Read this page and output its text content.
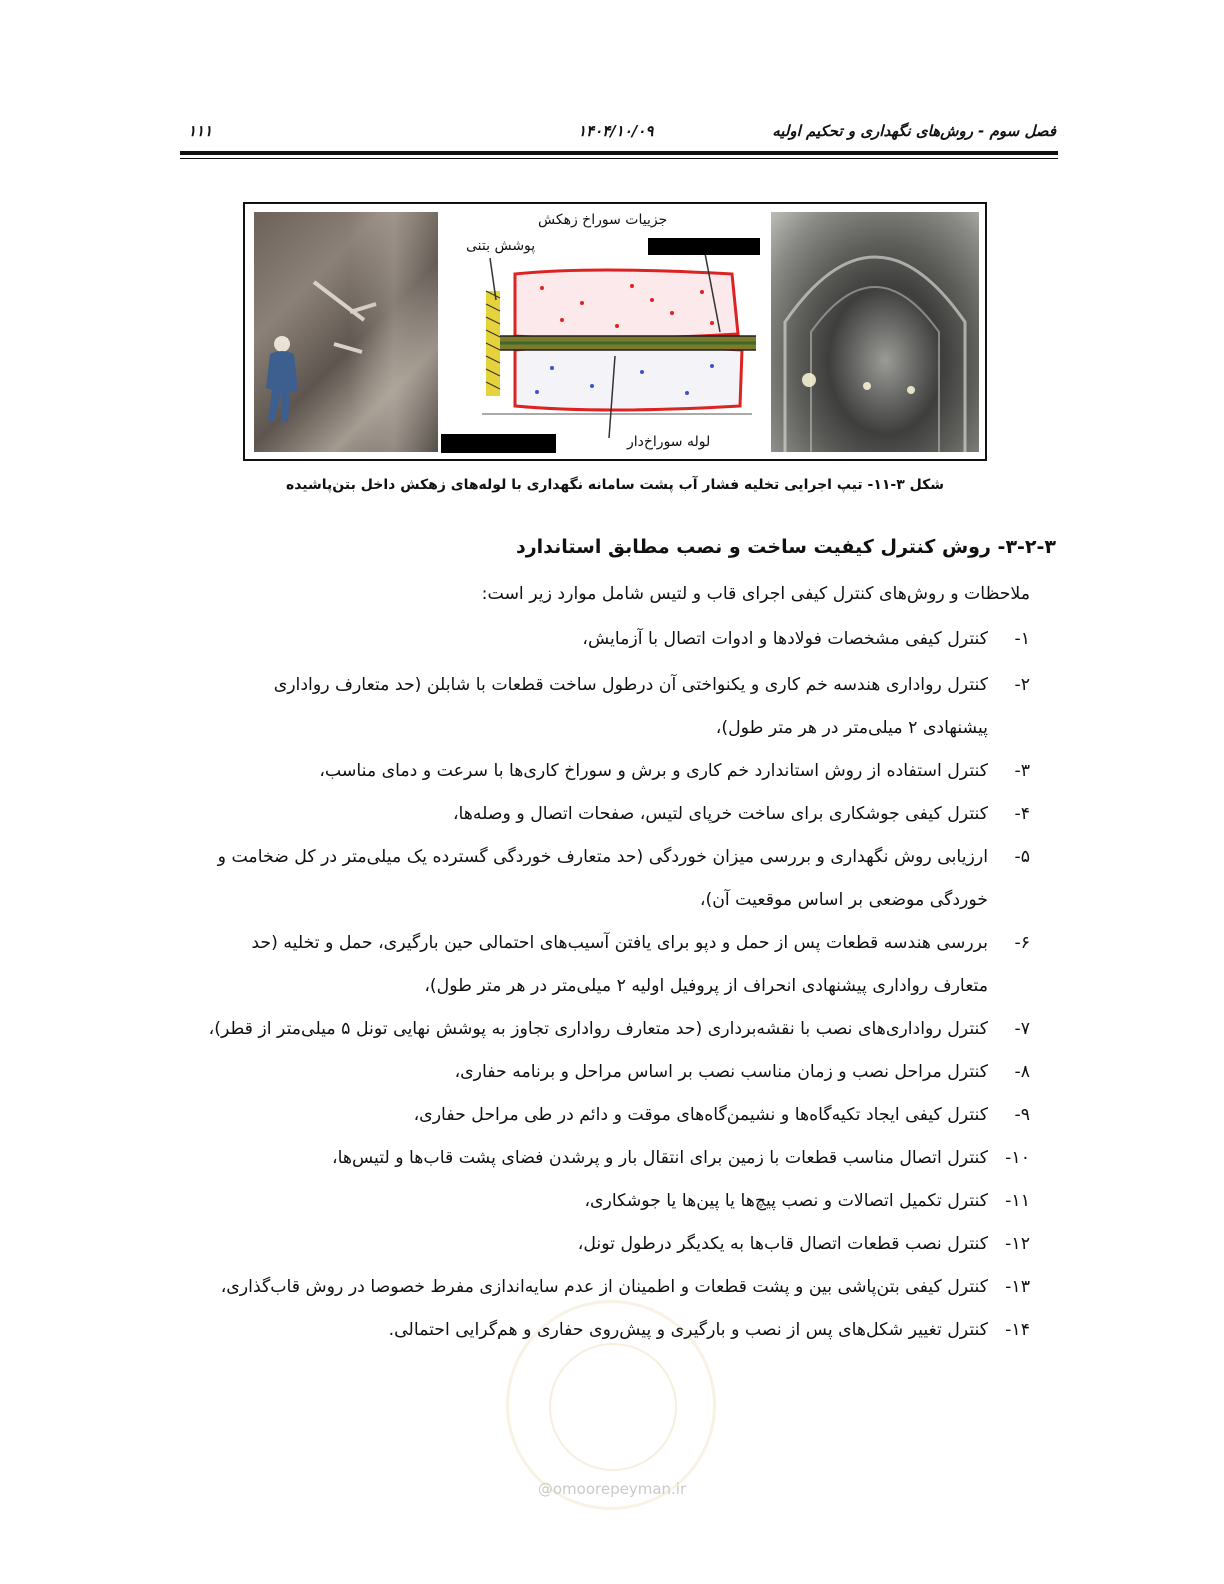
فصل سوم - روش‌های نگهداری و تحکیم اولیه
۱۴۰۴/۱۰/۰۹
۱۱۱
جزییات سوراخ زهکش
پوشش بتنی
لوله سوراخ‌دار
شکل ۳-۱۱- تیپ اجرایی تخلیه فشار آب پشت سامانه نگهداری با لوله‌های زهکش داخل بتن‌پاشیده
۳-۲-۳- روش کنترل کیفیت ساخت و نصب مطابق استاندارد
ملاحظات و روش‌های کنترل کیفی اجرای قاب و لتیس شامل موارد زیر است:
۱-
کنترل کیفی مشخصات فولادها و ادوات اتصال با آزمایش،
۲-
کنترل رواداری هندسه خم کاری و یکنواختی آن درطول ساخت قطعات با شابلن (حد متعارف رواداری
پیشنهادی ۲ میلی‌متر در هر متر طول)،
۳-
کنترل استفاده از روش استاندارد خم کاری و برش و سوراخ کاری‌ها با سرعت و دمای مناسب،
۴-
کنترل کیفی جوشکاری برای ساخت خرپای لتیس، صفحات اتصال و وصله‌ها،
۵-
ارزیابی روش نگهداری و بررسی میزان خوردگی (حد متعارف خوردگی گسترده یک میلی‌متر در کل ضخامت و
خوردگی موضعی بر اساس موقعیت آن)،
۶-
بررسی هندسه قطعات پس از حمل و دپو برای یافتن آسیب‌های احتمالی حین بارگیری، حمل و تخلیه (حد
متعارف رواداری پیشنهادی انحراف از پروفیل اولیه ۲ میلی‌متر در هر متر طول)،
۷-
کنترل رواداری‌های نصب با نقشه‌برداری (حد متعارف رواداری تجاوز به پوشش نهایی تونل ۵ میلی‌متر از قطر)،
۸-
کنترل مراحل نصب و زمان مناسب نصب بر اساس مراحل و برنامه حفاری،
۹-
کنترل کیفی ایجاد تکیه‌گاه‌ها و نشیمن‌گاه‌های موقت و دائم در طی مراحل حفاری،
۱۰-
کنترل اتصال مناسب قطعات با زمین برای انتقال بار و پرشدن فضای پشت قاب‌ها و لتیس‌ها،
۱۱-
کنترل تکمیل اتصالات و نصب پیچ‌ها یا پین‌ها یا جوشکاری،
۱۲-
کنترل نصب قطعات اتصال قاب‌ها به یکدیگر درطول تونل،
۱۳-
کنترل کیفی بتن‌پاشی بین و پشت قطعات و اطمینان از عدم سایه‌اندازی مفرط خصوصا در روش قاب‌گذاری،
۱۴-
کنترل تغییر شکل‌های پس از نصب و بارگیری و پیش‌روی حفاری و هم‌گرایی احتمالی.
@omoorepeyman.ir
